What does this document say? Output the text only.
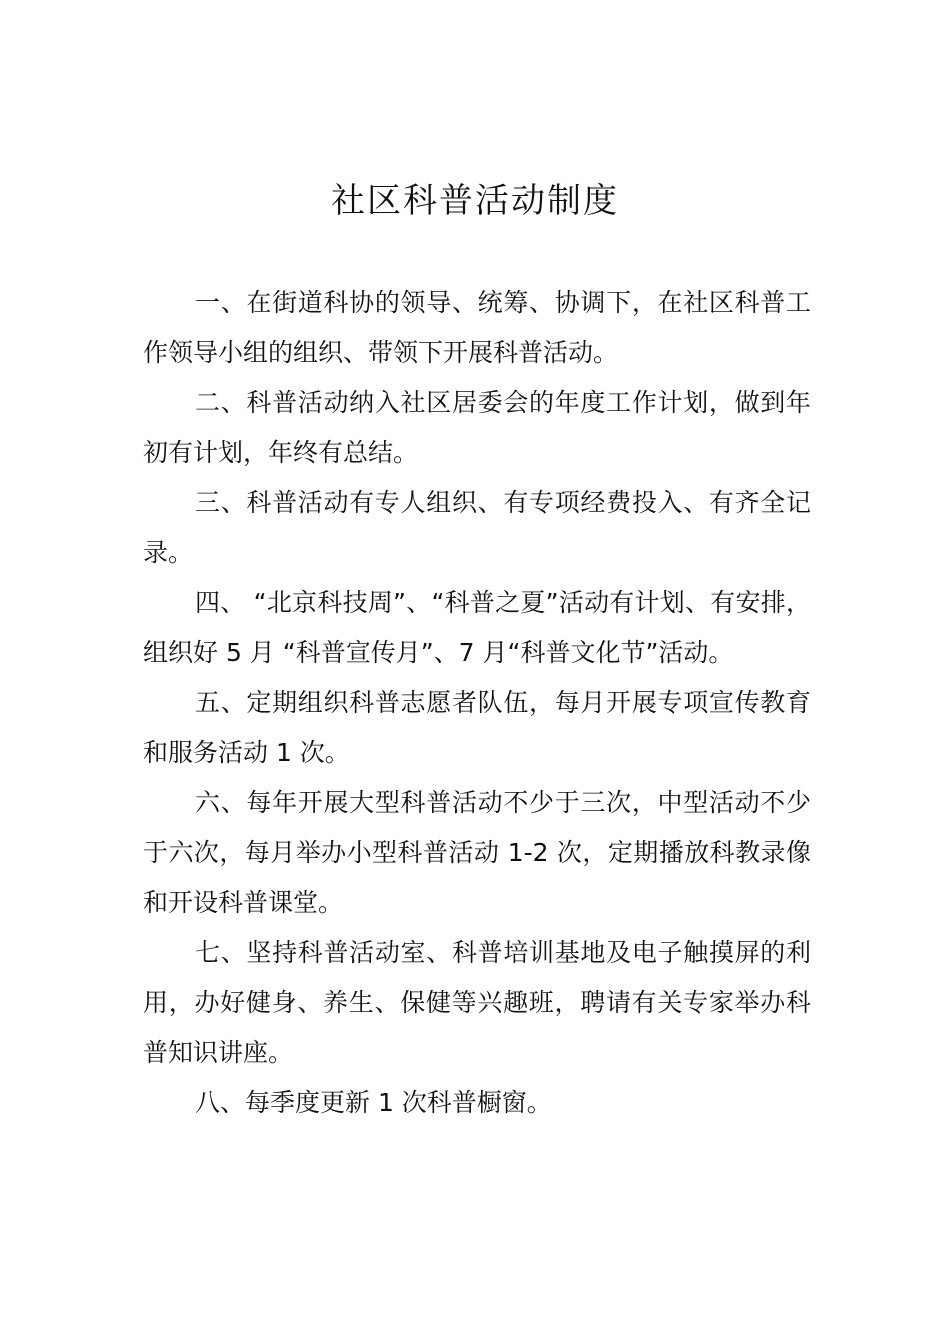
社区科普活动制度

一、在街道科协的领导、统筹、协调下，在社区科普工作领导小组的组织、带领下开展科普活动。

二、科普活动纳入社区居委会的年度工作计划，做到年初有计划，年终有总结。

三、科普活动有专人组织、有专项经费投入、有齐全记录。

四、 “北京科技周”、“科普之夏”活动有计划、有安排，组织好 5 月 “科普宣传月”、7 月“科普文化节”活动。

五、定期组织科普志愿者队伍，每月开展专项宣传教育和服务活动 1 次。

六、每年开展大型科普活动不少于三次，中型活动不少于六次，每月举办小型科普活动 1-2 次，定期播放科教录像和开设科普课堂。

七、坚持科普活动室、科普培训基地及电子触摸屏的利用，办好健身、养生、保健等兴趣班，聘请有关专家举办科普知识讲座。

八、每季度更新 1 次科普橱窗。
